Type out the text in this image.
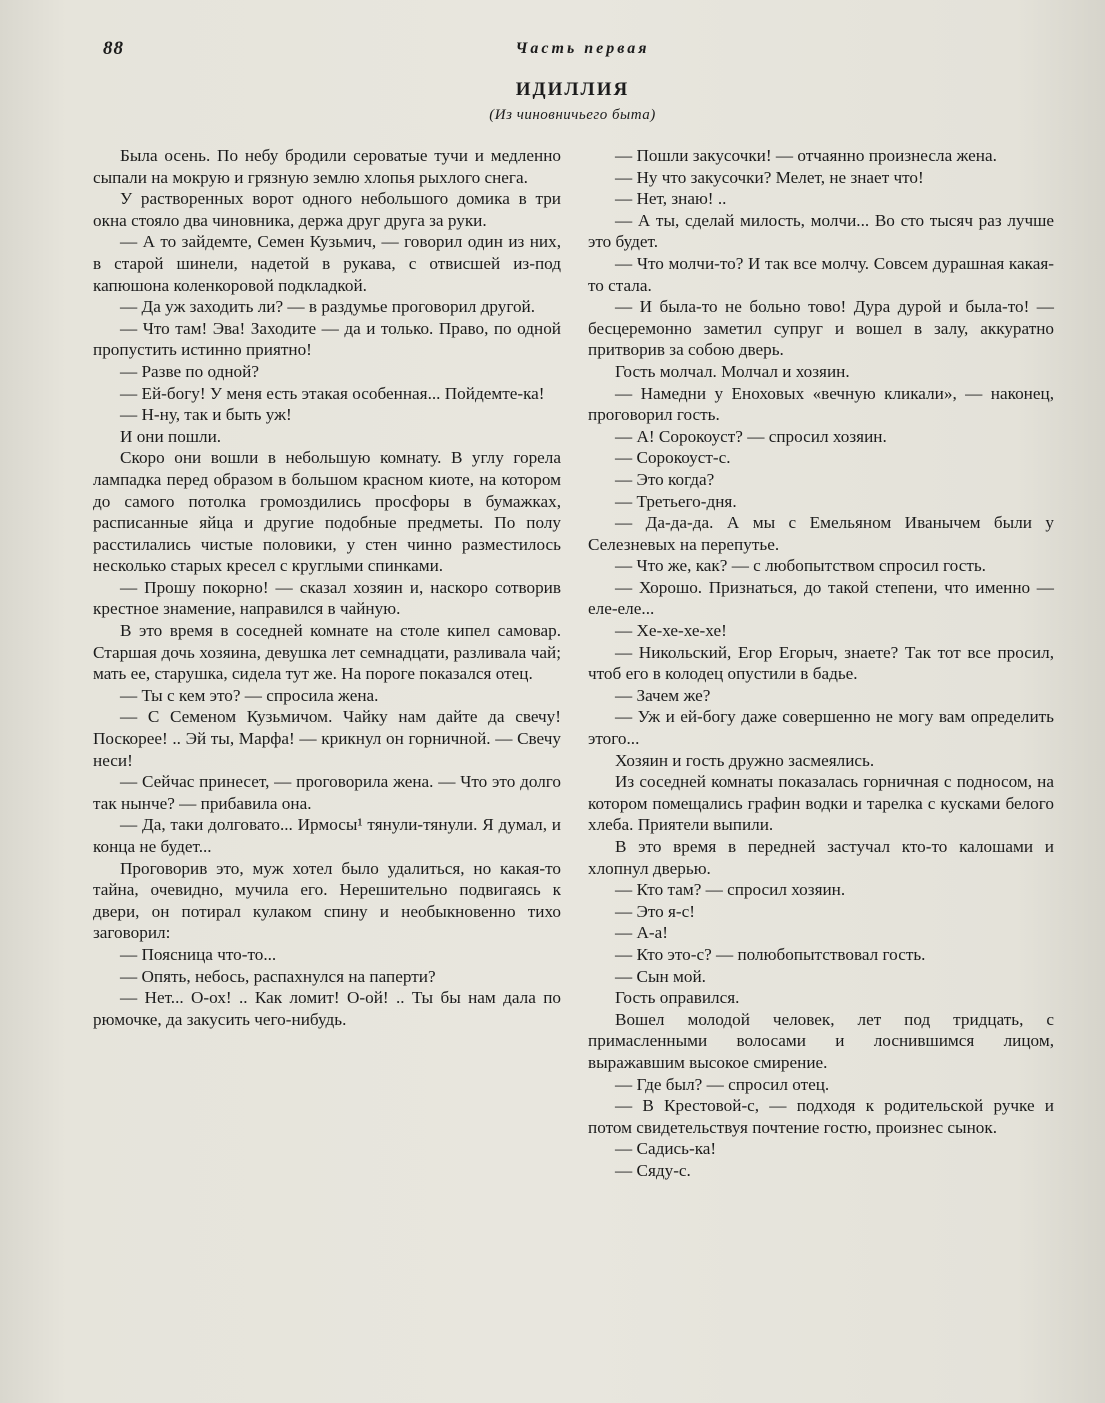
88	Часть первая
ИДИЛЛИЯ
(Из чиновничьего быта)

Была осень. По небу бродили сероватые тучи и медленно сыпали на мокрую и грязную землю хлопья рыхлого снега.

У растворенных ворот одного небольшого домика в три окна стояло два чиновника, держа друг друга за руки.

— А то зайдемте, Семен Кузьмич, — говорил один из них, в старой шинели, надетой в рукава, с отвисшей из-под капюшона коленкоровой подкладкой.

— Да уж заходить ли? — в раздумье проговорил другой.

— Что там! Эва! Заходите — да и только. Право, по одной пропустить истинно приятно!

— Разве по одной?

— Ей-богу! У меня есть этакая особенная... Пойдемте-ка!

— Н-ну, так и быть уж!

И они пошли.

Скоро они вошли в небольшую комнату. В углу горела лампадка перед образом в большом красном киоте, на котором до самого потолка громоздились просфоры в бумажках, расписанные яйца и другие подобные предметы. По полу расстилались чистые половики, у стен чинно разместилось несколько старых кресел с круглыми спинками.

— Прошу покорно! — сказал хозяин и, наскоро сотворив крестное знамение, направился в чайную.

В это время в соседней комнате на столе кипел самовар. Старшая дочь хозяина, девушка лет семнадцати, разливала чай; мать ее, старушка, сидела тут же. На пороге показался отец.

— Ты с кем это? — спросила жена.

— С Семеном Кузьмичом. Чайку нам дайте да свечу! Поскорее! .. Эй ты, Марфа! — крикнул он горничной. — Свечу неси!

— Сейчас принесет, — проговорила жена. — Что это долго так нынче? — прибавила она.

— Да, таки долговато... Ирмосы¹ тянули-тянули. Я думал, и конца не будет...

Проговорив это, муж хотел было удалиться, но какая-то тайна, очевидно, мучила его. Нерешительно подвигаясь к двери, он потирал кулаком спину и необыкновенно тихо заговорил:

— Поясница что-то...

— Опять, небось, распахнулся на паперти?

— Нет... О-ох! .. Как ломит! О-ой! .. Ты бы нам дала по рюмочке, да закусить чего-нибудь.

— Пошли закусочки! — отчаянно произнесла жена.

— Ну что закусочки? Мелет, не знает что!

— Нет, знаю! ..

— А ты, сделай милость, молчи... Во сто тысяч раз лучше это будет.

— Что молчи-то? И так все молчу. Совсем дурашная какая-то стала.

— И была-то не больно тово! Дура дурой и была-то! — бесцеремонно заметил супруг и вошел в залу, аккуратно притворив за собою дверь.

Гость молчал. Молчал и хозяин.

— Намедни у Еноховых «вечную кликали», — наконец, проговорил гость.

— А! Сорокоуст? — спросил хозяин.

— Сорокоуст-с.

— Это когда?

— Третьего-дня.

— Да-да-да. А мы с Емельяном Иванычем были у Селезневых на перепутье.

— Что же, как? — с любопытством спросил гость.

— Хорошо. Признаться, до такой степени, что именно — еле-еле...

— Хе-хе-хе-хе!

— Никольский, Егор Егорыч, знаете? Так тот все просил, чтоб его в колодец опустили в бадье.

— Зачем же?

— Уж и ей-богу даже совершенно не могу вам определить этого...

Хозяин и гость дружно засмеялись.

Из соседней комнаты показалась горничная с подносом, на котором помещались графин водки и тарелка с кусками белого хлеба. Приятели выпили.

В это время в передней застучал кто-то калошами и хлопнул дверью.

— Кто там? — спросил хозяин.

— Это я-с!

— А-а!

— Кто это-с? — полюбопытствовал гость.

— Сын мой.

Гость оправился.

Вошел молодой человек, лет под тридцать, с примасленными волосами и лоснившимся лицом, выражавшим высокое смирение.

— Где был? — спросил отец.

— В Крестовой-с, — подходя к родительской ручке и потом свидетельствуя почтение гостю, произнес сынок.

— Садись-ка!

— Сяду-с.
